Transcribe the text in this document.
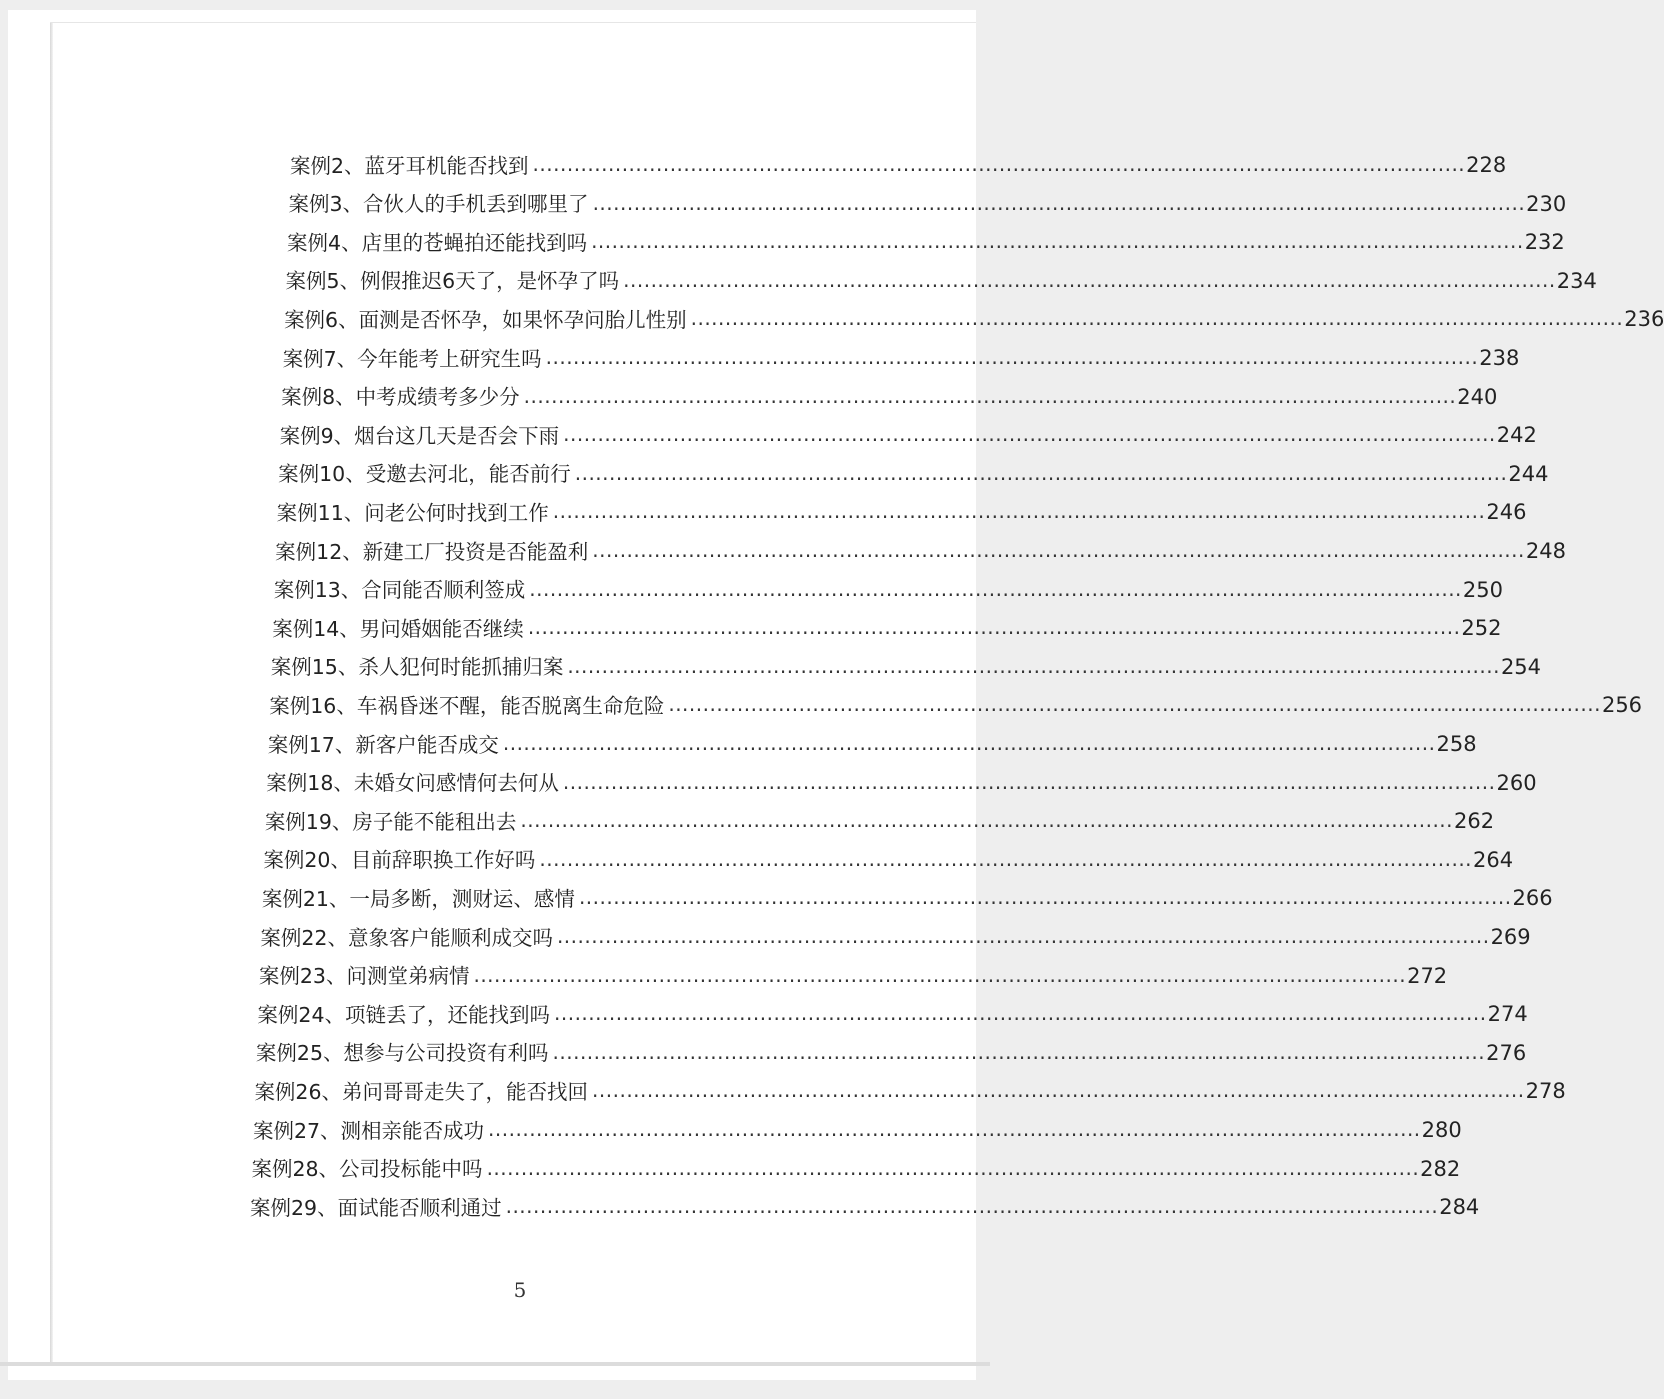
案例2、蓝牙耳机能否找到 ........................................................................................................................................ 228
案例3、合伙人的手机丢到哪里了 ........................................................................................................................................ 230
案例4、店里的苍蝇拍还能找到吗 ........................................................................................................................................ 232
案例5、例假推迟6天了，是怀孕了吗 ........................................................................................................................................ 234
案例6、面测是否怀孕，如果怀孕问胎儿性别 ........................................................................................................................................ 236
案例7、今年能考上研究生吗 ........................................................................................................................................ 238
案例8、中考成绩考多少分 ........................................................................................................................................ 240
案例9、烟台这几天是否会下雨 ........................................................................................................................................ 242
案例10、受邀去河北，能否前行 ........................................................................................................................................ 244
案例11、问老公何时找到工作 ........................................................................................................................................ 246
案例12、新建工厂投资是否能盈利 ........................................................................................................................................ 248
案例13、合同能否顺利签成 ........................................................................................................................................ 250
案例14、男问婚姻能否继续 ........................................................................................................................................ 252
案例15、杀人犯何时能抓捕归案 ........................................................................................................................................ 254
案例16、车祸昏迷不醒，能否脱离生命危险 ........................................................................................................................................ 256
案例17、新客户能否成交 ........................................................................................................................................ 258
案例18、未婚女问感情何去何从 ........................................................................................................................................ 260
案例19、房子能不能租出去 ........................................................................................................................................ 262
案例20、目前辞职换工作好吗 ........................................................................................................................................ 264
案例21、一局多断，测财运、感情 ........................................................................................................................................ 266
案例22、意象客户能顺利成交吗 ........................................................................................................................................ 269
案例23、问测堂弟病情 ........................................................................................................................................ 272
案例24、项链丢了，还能找到吗 ........................................................................................................................................ 274
案例25、想参与公司投资有利吗 ........................................................................................................................................ 276
案例26、弟问哥哥走失了，能否找回 ........................................................................................................................................ 278
案例27、测相亲能否成功 ........................................................................................................................................ 280
案例28、公司投标能中吗 ........................................................................................................................................ 282
案例29、面试能否顺利通过 ........................................................................................................................................ 284
5
